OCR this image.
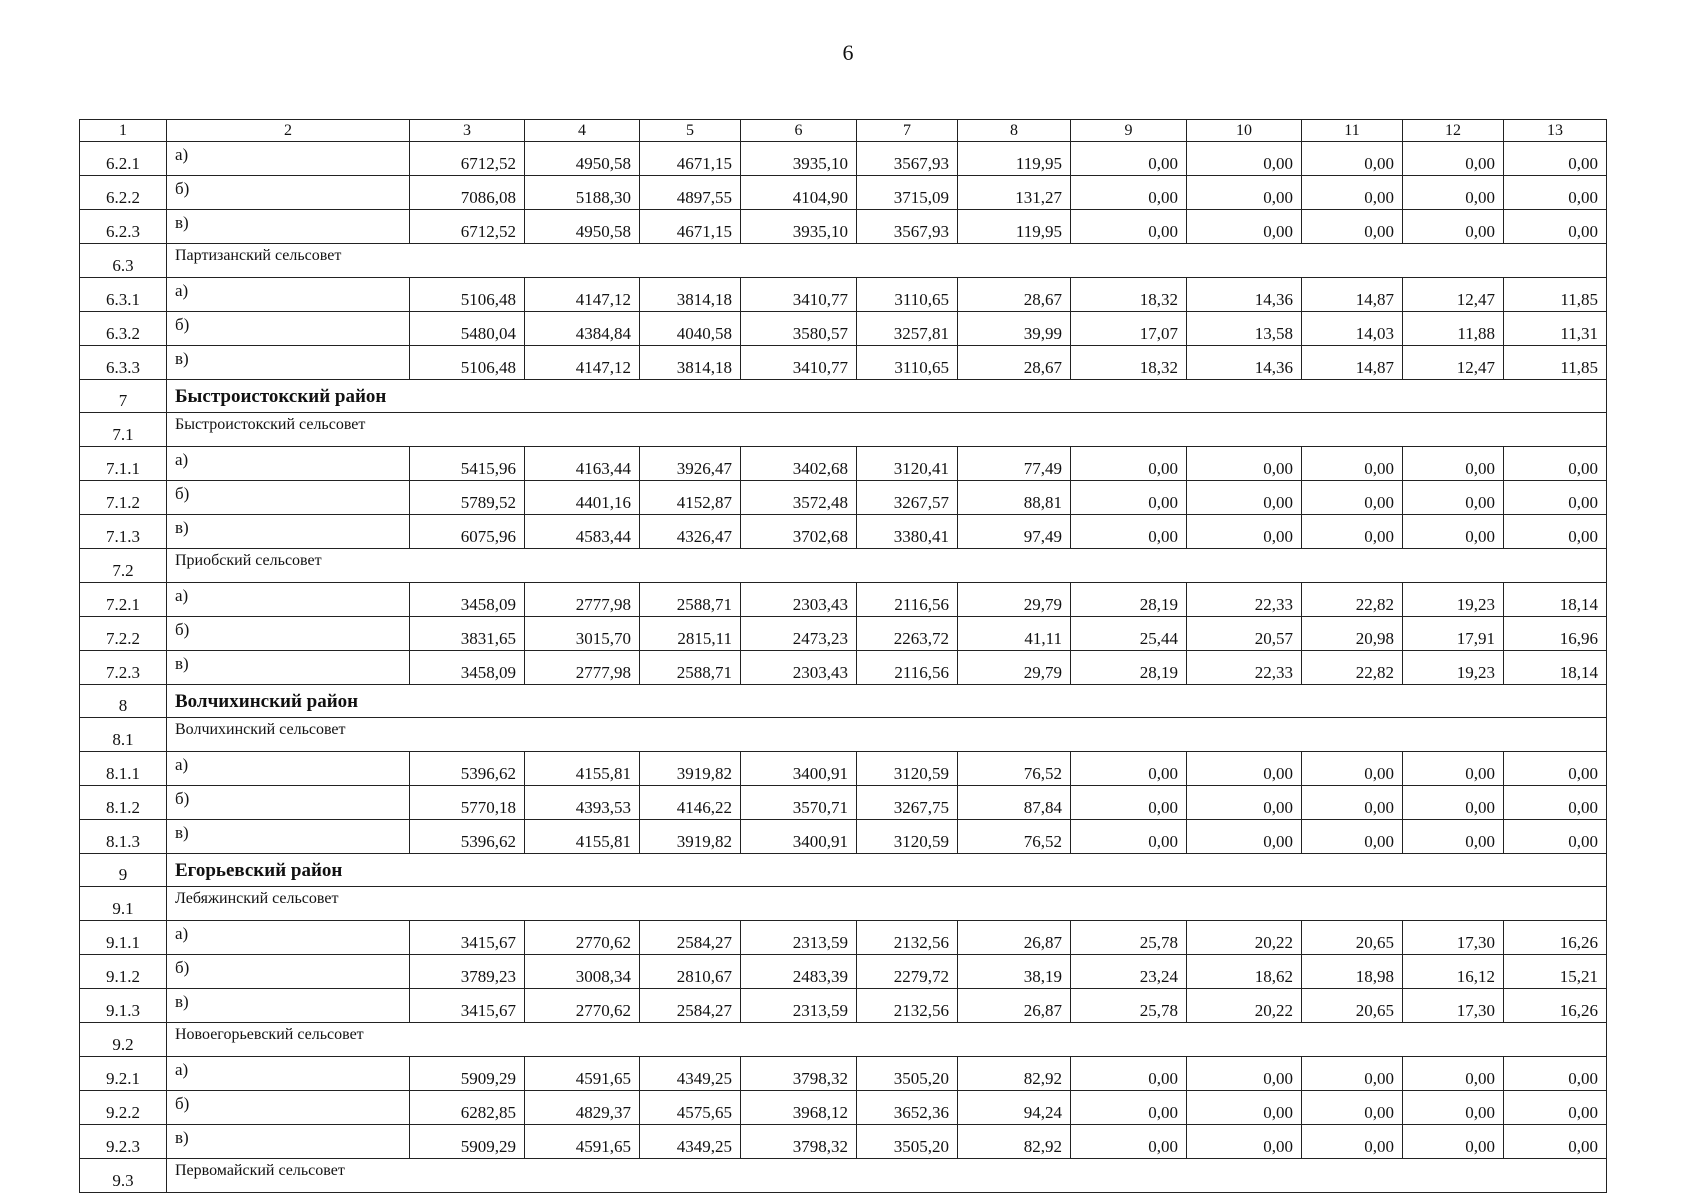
6
1	2	3	4	5	6	7	8	9	10	11	12	13
6.2.1	а)	6712,52	4950,58	4671,15	3935,10	3567,93	119,95	0,00	0,00	0,00	0,00	0,00
6.2.2	б)	7086,08	5188,30	4897,55	4104,90	3715,09	131,27	0,00	0,00	0,00	0,00	0,00
6.2.3	в)	6712,52	4950,58	4671,15	3935,10	3567,93	119,95	0,00	0,00	0,00	0,00	0,00
6.3	Партизанский сельсовет											
6.3.1	а)	5106,48	4147,12	3814,18	3410,77	3110,65	28,67	18,32	14,36	14,87	12,47	11,85
6.3.2	б)	5480,04	4384,84	4040,58	3580,57	3257,81	39,99	17,07	13,58	14,03	11,88	11,31
6.3.3	в)	5106,48	4147,12	3814,18	3410,77	3110,65	28,67	18,32	14,36	14,87	12,47	11,85
7	Быстроистокский район											
7.1	Быстроистокский сельсовет											
7.1.1	а)	5415,96	4163,44	3926,47	3402,68	3120,41	77,49	0,00	0,00	0,00	0,00	0,00
7.1.2	б)	5789,52	4401,16	4152,87	3572,48	3267,57	88,81	0,00	0,00	0,00	0,00	0,00
7.1.3	в)	6075,96	4583,44	4326,47	3702,68	3380,41	97,49	0,00	0,00	0,00	0,00	0,00
7.2	Приобский сельсовет											
7.2.1	а)	3458,09	2777,98	2588,71	2303,43	2116,56	29,79	28,19	22,33	22,82	19,23	18,14
7.2.2	б)	3831,65	3015,70	2815,11	2473,23	2263,72	41,11	25,44	20,57	20,98	17,91	16,96
7.2.3	в)	3458,09	2777,98	2588,71	2303,43	2116,56	29,79	28,19	22,33	22,82	19,23	18,14
8	Волчихинский район											
8.1	Волчихинский сельсовет											
8.1.1	а)	5396,62	4155,81	3919,82	3400,91	3120,59	76,52	0,00	0,00	0,00	0,00	0,00
8.1.2	б)	5770,18	4393,53	4146,22	3570,71	3267,75	87,84	0,00	0,00	0,00	0,00	0,00
8.1.3	в)	5396,62	4155,81	3919,82	3400,91	3120,59	76,52	0,00	0,00	0,00	0,00	0,00
9	Егорьевский район											
9.1	Лебяжинский сельсовет											
9.1.1	а)	3415,67	2770,62	2584,27	2313,59	2132,56	26,87	25,78	20,22	20,65	17,30	16,26
9.1.2	б)	3789,23	3008,34	2810,67	2483,39	2279,72	38,19	23,24	18,62	18,98	16,12	15,21
9.1.3	в)	3415,67	2770,62	2584,27	2313,59	2132,56	26,87	25,78	20,22	20,65	17,30	16,26
9.2	Новоегорьевский сельсовет											
9.2.1	а)	5909,29	4591,65	4349,25	3798,32	3505,20	82,92	0,00	0,00	0,00	0,00	0,00
9.2.2	б)	6282,85	4829,37	4575,65	3968,12	3652,36	94,24	0,00	0,00	0,00	0,00	0,00
9.2.3	в)	5909,29	4591,65	4349,25	3798,32	3505,20	82,92	0,00	0,00	0,00	0,00	0,00
9.3	Первомайский сельсовет											
